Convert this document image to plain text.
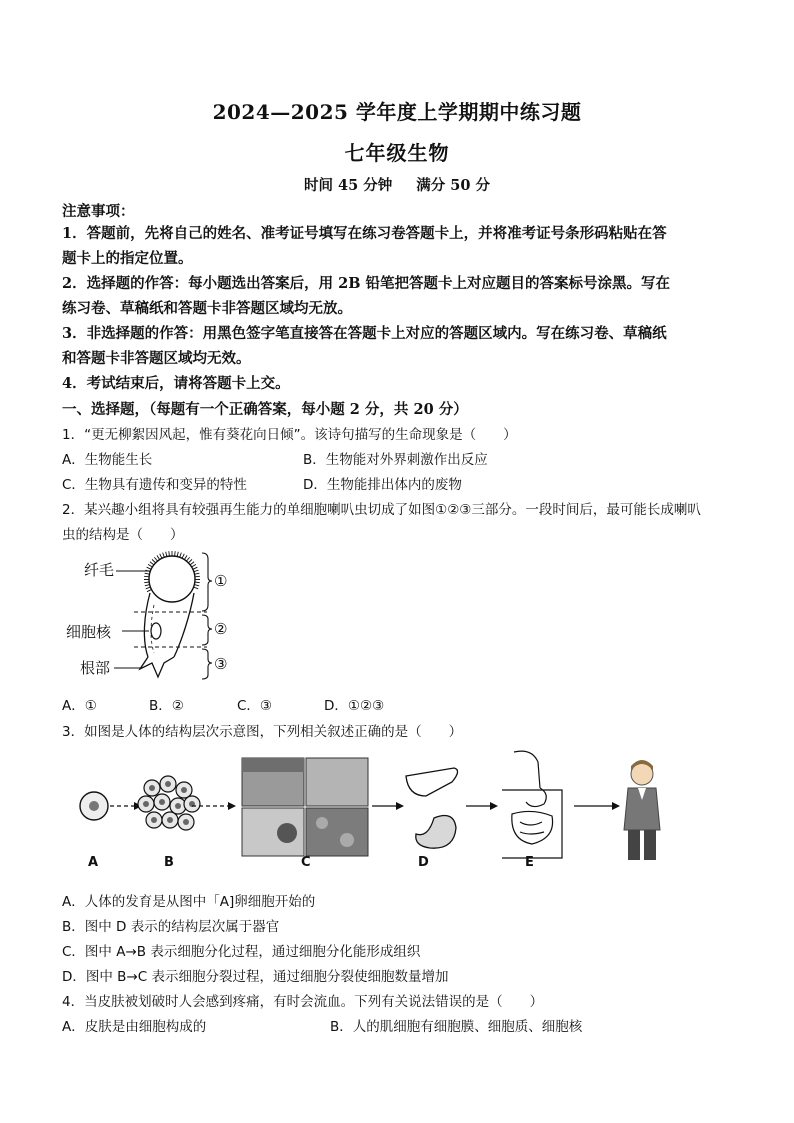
2024—2025 学年度上学期期中练习题
七年级生物
时间 45 分钟 满分 50 分
注意事项：
1．答题前，先将自己的姓名、准考证号填写在练习卷答题卡上，并将准考证号条形码粘贴在答
题卡上的指定位置。
2．选择题的作答：每小题选出答案后，用 2B 铅笔把答题卡上对应题目的答案标号涂黑。写在
练习卷、草稿纸和答题卡非答题区域均无放。
3．非选择题的作答：用黑色签字笔直接答在答题卡上对应的答题区域内。写在练习卷、草稿纸
和答题卡非答题区域均无效。
4．考试结束后，请将答题卡上交。
一、选择题，（每题有一个正确答案，每小题 2 分，共 20 分）
1．“更无柳絮因风起，惟有葵花向日倾”。该诗句描写的生命现象是（　　）
A．生物能生长	B．生物能对外界刺激作出反应
C．生物具有遗传和变异的特性	D．生物能排出体内的废物
2．某兴趣小组将具有较强再生能力的单细胞喇叭虫切成了如图①②③三部分。一段时间后，最可能长成喇叭
虫的结构是（　　）
纤毛
细胞核
根部
①
②
③
A．①	B．②	C．③	D．①②③
3．如图是人体的结构层次示意图，下列相关叙述正确的是（　　）
A	B	C	D	E
A．人体的发育是从图中「A]卵细胞开始的
B．图中 D 表示的结构层次属于器官
C．图中 A→B 表示细胞分化过程，通过细胞分化能形成组织
D．图中 B→C 表示细胞分裂过程，通过细胞分裂使细胞数量增加
4．当皮肤被划破时人会感到疼痛，有时会流血。下列有关说法错误的是（　　）
A．皮肤是由细胞构成的	B．人的肌细胞有细胞膜、细胞质、细胞核
